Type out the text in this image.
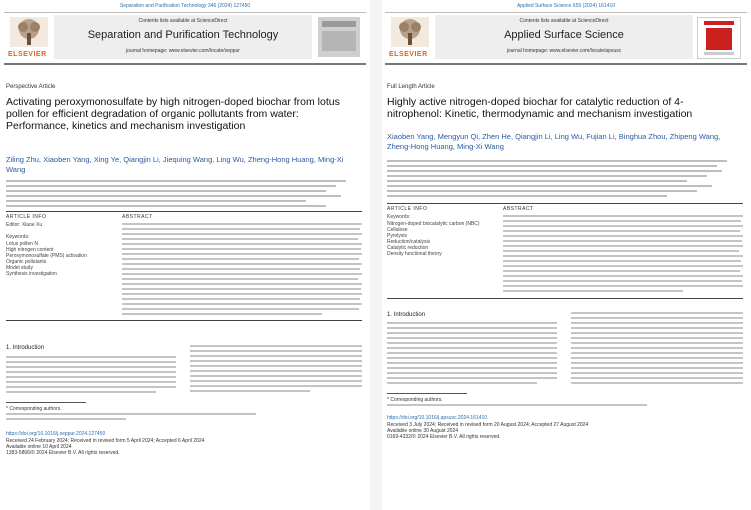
Separation and Purification Technology 346 (2024) 127450
ELSEVIER
Contents lists available at ScienceDirect
Separation and Purification Technology
journal homepage: www.elsevier.com/locate/seppur
Perspective Article
Activating peroxymonosulfate by high nitrogen-doped biochar from lotus pollen for efficient degradation of organic pollutants from water: Performance, kinetics and mechanism investigation
Ziling Zhu, Xiaoben Yang, Xing Ye, Qiangjin Li, Jiequing Wang, Ling Wu, Zheng-Hong Huang, Ming-Xi Wang
ARTICLE INFO	ABSTRACT
Editor: Xiaoe Xu
Keywords:
Lotus pollen N
High nitrogen content
Peroxymonosulfate (PMS) activation
Organic pollutants
Model study
Synthesis investigation
1. Introduction
* Corresponding authors.
https://doi.org/10.1016/j.seppur.2024.127450
Received 24 February 2024; Received in revised form 5 April 2024; Accepted 6 April 2024
Available online 10 April 2024
1383-5866/© 2024 Elsevier B.V. All rights reserved.
Applied Surface Science 659 (2024) 161410
ELSEVIER
Contents lists available at ScienceDirect
Applied Surface Science
journal homepage: www.elsevier.com/locate/apsusc
Full Length Article
Highly active nitrogen-doped biochar for catalytic reduction of 4-nitrophenol: Kinetic, thermodynamic and mechanism investigation
Xiaoben Yang, Mengyun Qi, Zhen He, Qiangjin Li, Ling Wu, Fujian Li, Binghua Zhou, Zhipeng Wang, Zheng-Hong Huang, Ming-Xi Wang
ARTICLE INFO	ABSTRACT
Keywords:
Nitrogen-doped biocatalytic carbon (NBC)
Cellulose
Pyrolysis
Reduction/catalysis
Catalytic reduction
Density functional theory
1. Introduction
* Corresponding authors.
https://doi.org/10.1016/j.apsusc.2024.161410
Received 3 July 2024; Received in revised form 20 August 2024; Accepted 27 August 2024
Available online 30 August 2024
0169-4332/© 2024 Elsevier B.V. All rights reserved.
